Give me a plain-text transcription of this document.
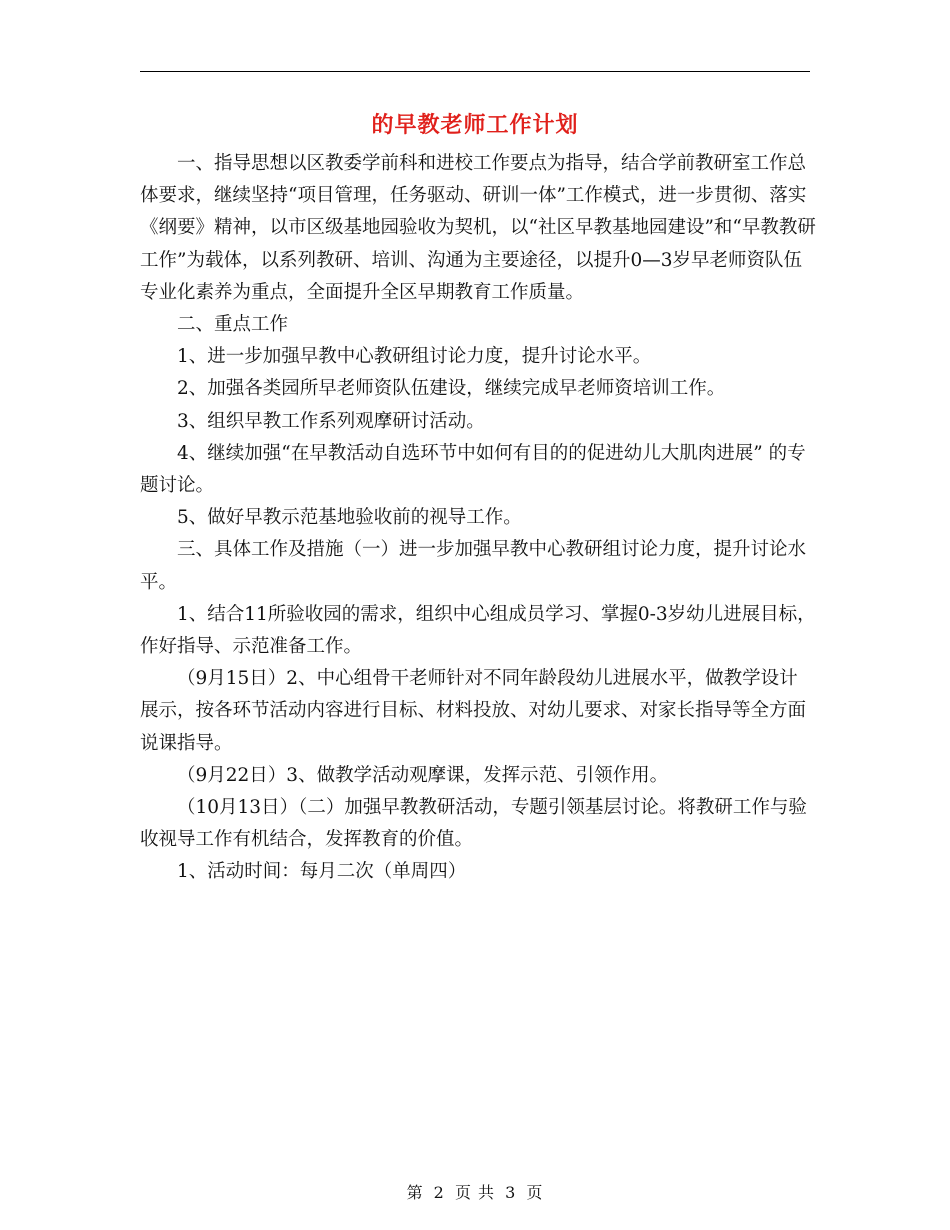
的早教老师工作计划

一、指导思想以区教委学前科和进校工作要点为指导，结合学前教研室工作总体要求，继续坚持“项目管理，任务驱动、研训一体”工作模式，进一步贯彻、落实《纲要》精神，以市区级基地园验收为契机，以“社区早教基地园建设”和“早教教研工作”为载体，以系列教研、培训、沟通为主要途径，以提升0—3岁早老师资队伍专业化素养为重点，全面提升全区早期教育工作质量。

二、重点工作

1、进一步加强早教中心教研组讨论力度，提升讨论水平。

2、加强各类园所早老师资队伍建设，继续完成早老师资培训工作。

3、组织早教工作系列观摩研讨活动。

4、继续加强“在早教活动自选环节中如何有目的的促进幼儿大肌肉进展” 的专题讨论。

5、做好早教示范基地验收前的视导工作。

三、具体工作及措施（一）进一步加强早教中心教研组讨论力度，提升讨论水平。

1、结合11所验收园的需求，组织中心组成员学习、掌握0-3岁幼儿进展目标，作好指导、示范准备工作。

（9月15日）2、中心组骨干老师针对不同年龄段幼儿进展水平，做教学设计展示，按各环节活动内容进行目标、材料投放、对幼儿要求、对家长指导等全方面说课指导。

（9月22日）3、做教学活动观摩课，发挥示范、引领作用。

（10月13日）（二）加强早教教研活动，专题引领基层讨论。将教研工作与验收视导工作有机结合，发挥教育的价值。

1、活动时间：每月二次（单周四）

第 2 页 共 3 页
